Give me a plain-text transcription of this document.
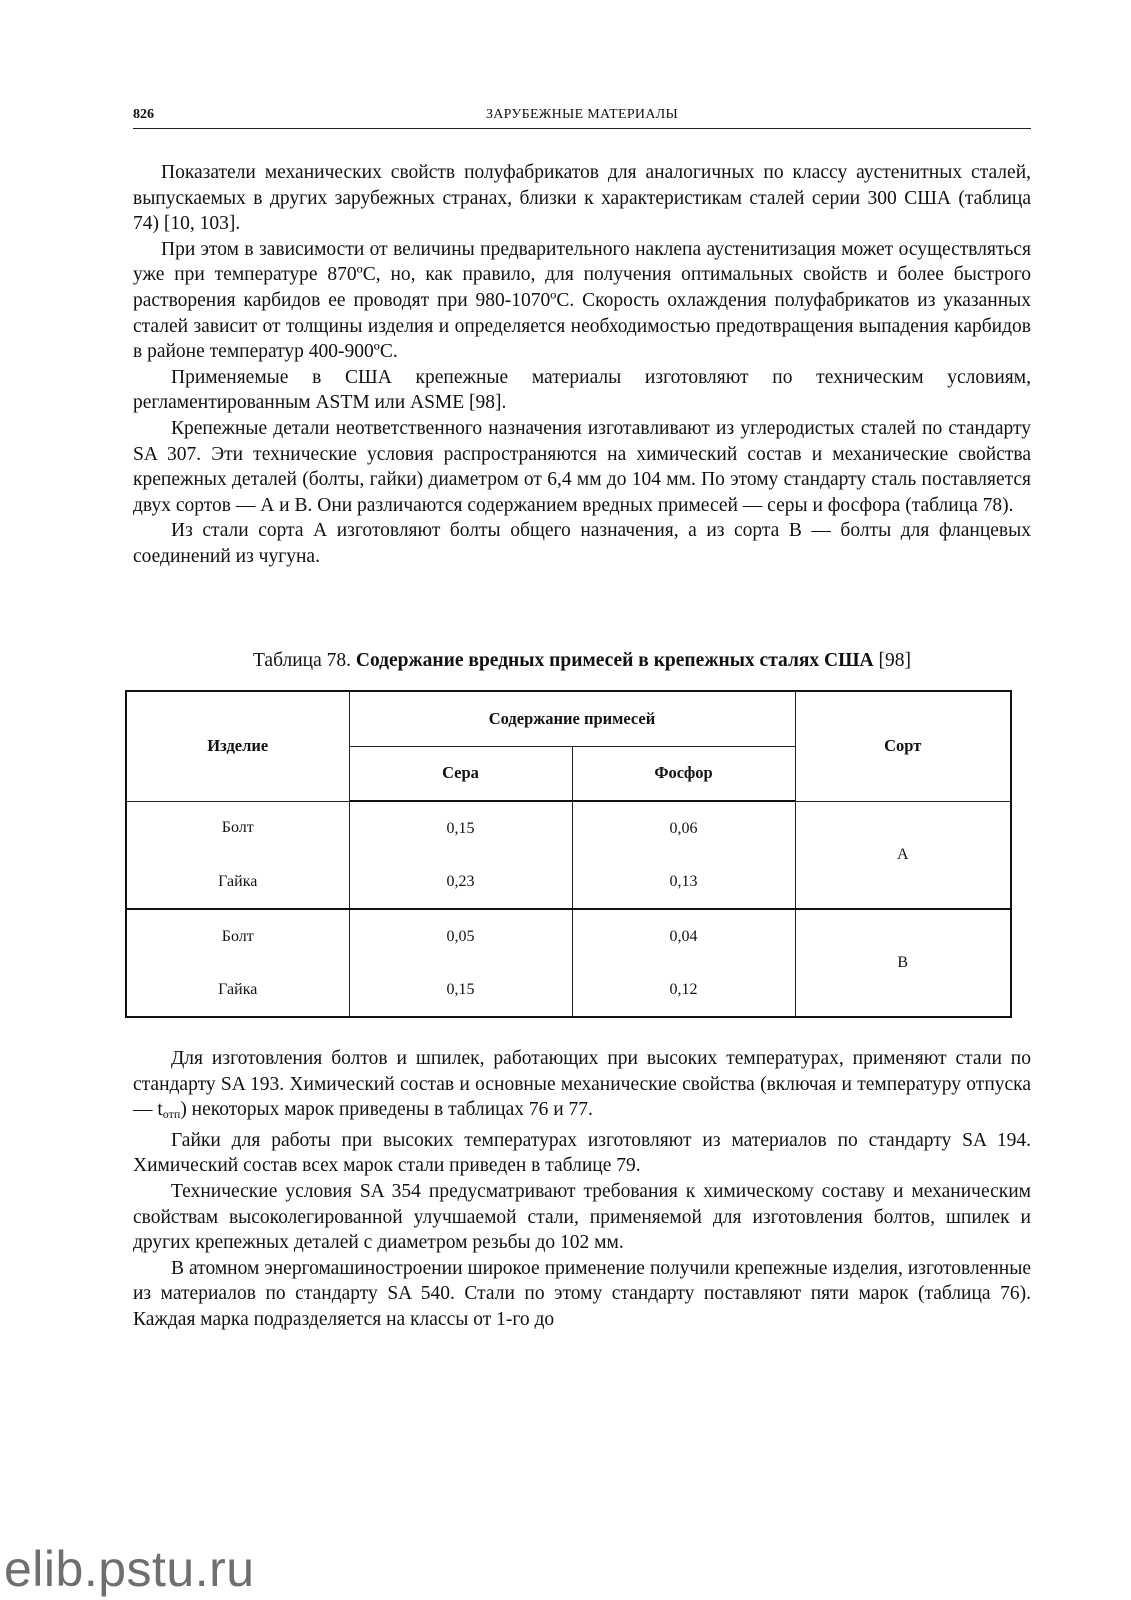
826	ЗАРУБЕЖНЫЕ МАТЕРИАЛЫ

Показатели механических свойств полуфабрикатов для аналогичных по классу аустенитных сталей, выпускаемых в других зарубежных странах, близки к характеристикам сталей серии 300 США (таблица 74) [10, 103].

При этом в зависимости от величины предварительного наклепа аустенитизация может осуществляться уже при температуре 870ºС, но, как правило, для получения оптимальных свойств и более быстрого растворения карбидов ее проводят при 980-1070ºС. Скорость охлаждения полуфабрикатов из указанных сталей зависит от толщины изделия и определяется необходимостью предотвращения выпадения карбидов в районе температур 400-900ºС.

Применяемые в США крепежные материалы изготовляют по техническим условиям, регламентированным ASTM или ASME [98].

Крепежные детали неответственного назначения изготавливают из углеродистых сталей по стандарту SA 307. Эти технические условия распространяются на химический состав и механические свойства крепежных деталей (болты, гайки) диаметром от 6,4 мм до 104 мм. По этому стандарту сталь поставляется двух сортов — А и В. Они различаются содержанием вредных примесей — серы и фосфора (таблица 78).

Из стали сорта А изготовляют болты общего назначения, а из сорта В — болты для фланцевых соединений из чугуна.

Таблица 78. Содержание вредных примесей в крепежных сталях США [98]
Изделие	Содержание примесей		Сорт
	Сера	Фосфор	
Болт	0,15	0,06	А
Гайка	0,23	0,13	
Болт	0,05	0,04	В
Гайка	0,15	0,12	

Для изготовления болтов и шпилек, работающих при высоких температурах, применяют стали по стандарту SA 193. Химический состав и основные механические свойства (включая и температуру отпуска — $t_{отп}$) некоторых марок приведены в таблицах 76 и 77.

Гайки для работы при высоких температурах изготовляют из материалов по стандарту SA 194. Химический состав всех марок стали приведен в таблице 79.

Технические условия SA 354 предусматривают требования к химическому составу и механическим свойствам высоколегированной улучшаемой стали, применяемой для изготовления болтов, шпилек и других крепежных деталей с диаметром резьбы до 102 мм.

В атомном энергомашиностроении широкое применение получили крепежные изделия, изготовленные из материалов по стандарту SA 540. Стали по этому стандарту поставляют пяти марок (таблица 76). Каждая марка подразделяется на классы от 1-го до

elib.pstu.ru
